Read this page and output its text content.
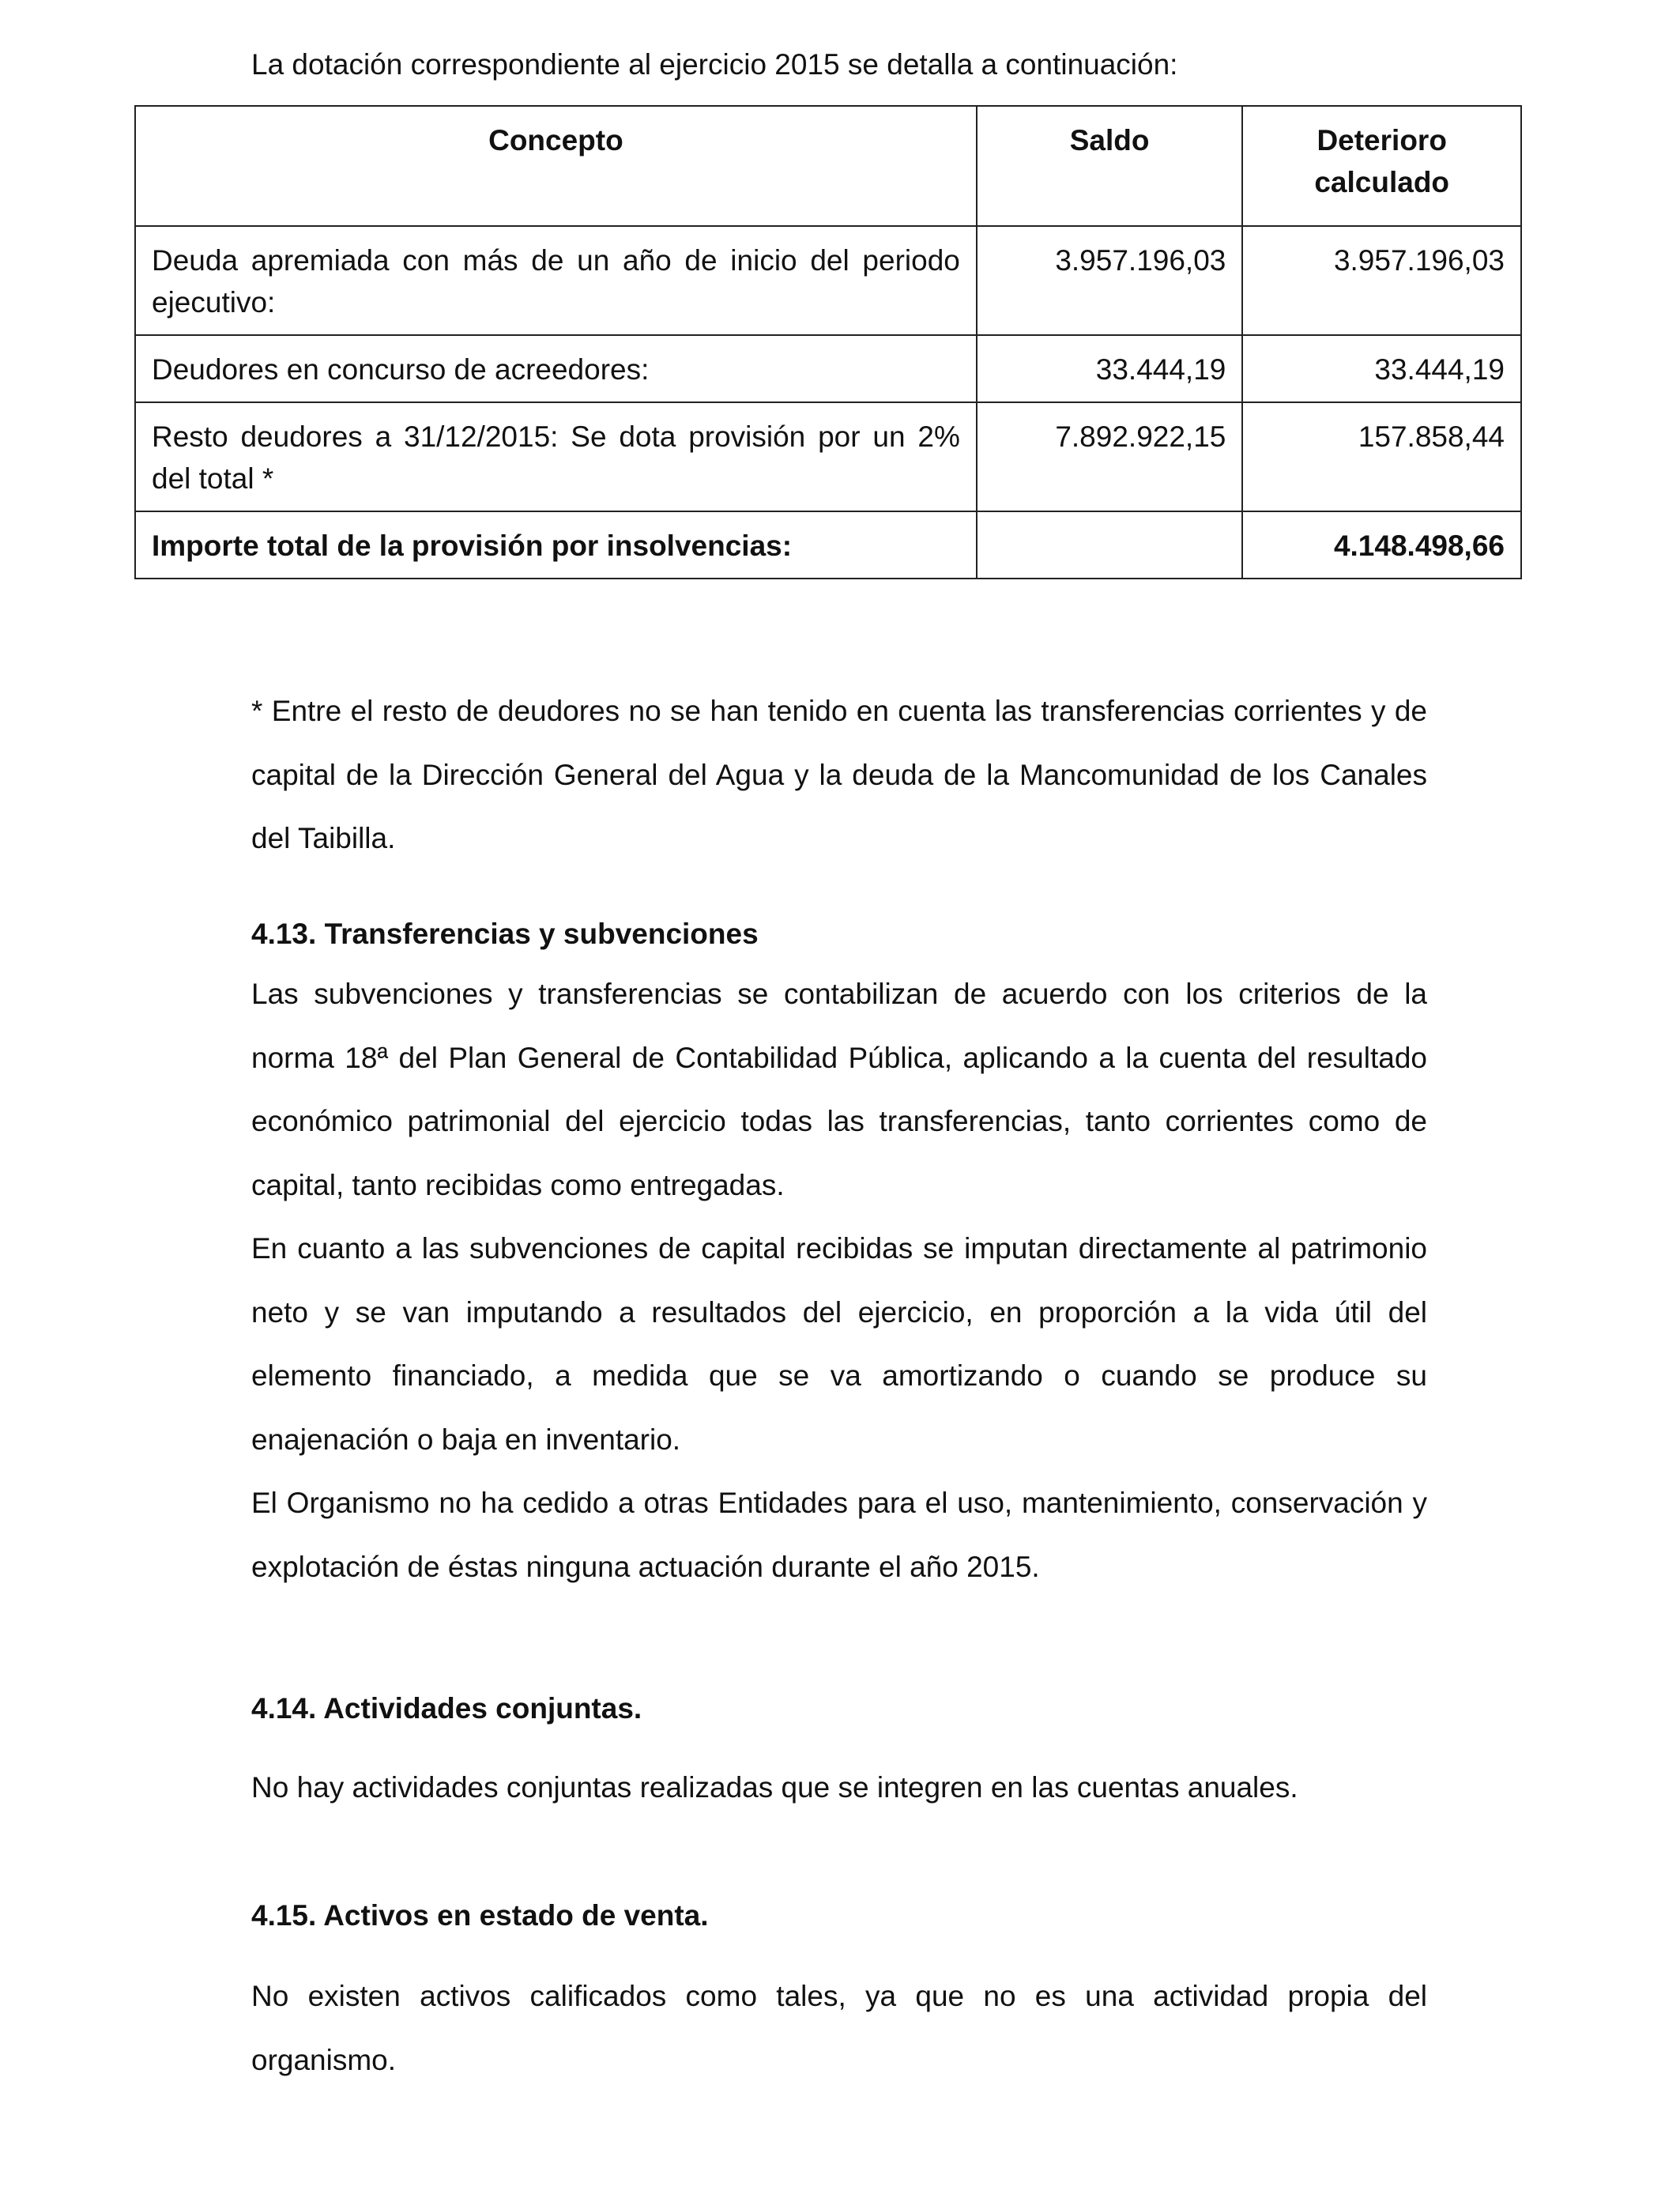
La dotación correspondiente al ejercicio 2015 se detalla a continuación:
Concepto	Saldo	Deterioro calculado
Deuda apremiada con más de un año de inicio del periodo ejecutivo:	3.957.196,03	3.957.196,03
Deudores en concurso de acreedores:	33.444,19	33.444,19
Resto deudores a 31/12/2015: Se dota provisión por un 2% del total *	7.892.922,15	157.858,44
Importe total de la provisión por insolvencias:		4.148.498,66

* Entre el resto de deudores no se han tenido en cuenta las transferencias corrientes y de capital de la Dirección General del Agua y la deuda de la Mancomunidad de los Canales del Taibilla.

4.13. Transferencias y subvenciones

Las subvenciones y transferencias se contabilizan de acuerdo con los criterios de la norma 18ª del Plan General de Contabilidad Pública, aplicando a la cuenta del resultado económico patrimonial del ejercicio todas las transferencias, tanto corrientes como de capital, tanto recibidas como entregadas.

En cuanto a las subvenciones de capital recibidas se imputan directamente al patrimonio neto y se van imputando a resultados del ejercicio, en proporción a la vida útil del elemento financiado, a medida que se va amortizando o cuando se produce su enajenación o baja en inventario.

El Organismo no ha cedido a otras Entidades para el uso, mantenimiento, conservación y explotación de éstas ninguna actuación durante el año 2015.

4.14. Actividades conjuntas.

No hay actividades conjuntas realizadas que se integren en las cuentas anuales.

4.15. Activos en estado de venta.

No existen activos calificados como tales, ya que no es una actividad propia del organismo.
